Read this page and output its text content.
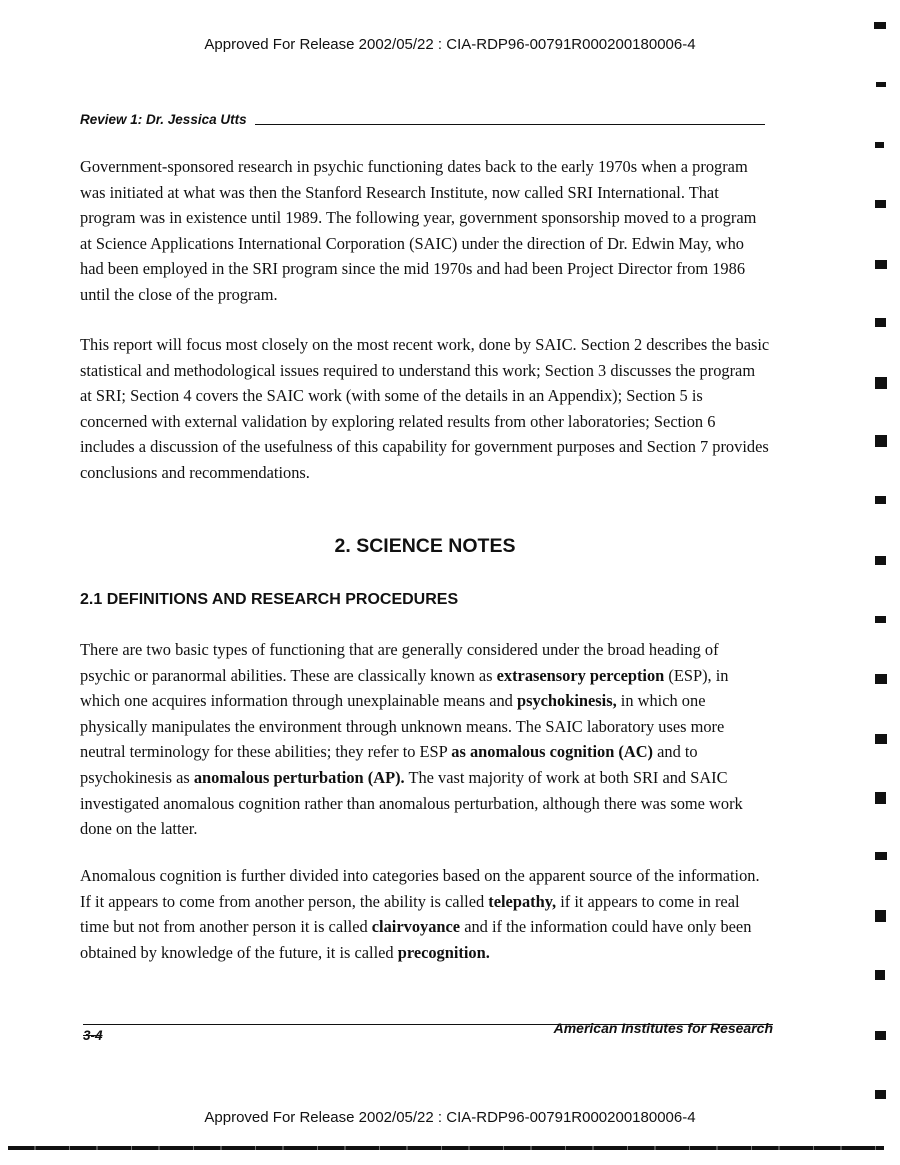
Approved For Release 2002/05/22 : CIA-RDP96-00791R000200180006-4
Review 1: Dr. Jessica Utts

Government-sponsored research in psychic functioning dates back to the early 1970s when a program was initiated at what was then the Stanford Research Institute, now called SRI International. That program was in existence until 1989. The following year, government sponsorship moved to a program at Science Applications International Corporation (SAIC) under the direction of Dr. Edwin May, who had been employed in the SRI program since the mid 1970s and had been Project Director from 1986 until the close of the program.

This report will focus most closely on the most recent work, done by SAIC. Section 2 describes the basic statistical and methodological issues required to understand this work; Section 3 discusses the program at SRI; Section 4 covers the SAIC work (with some of the details in an Appendix); Section 5 is concerned with external validation by exploring related results from other laboratories; Section 6 includes a discussion of the usefulness of this capability for government purposes and Section 7 provides conclusions and recommendations.

2. SCIENCE NOTES
2.1 DEFINITIONS AND RESEARCH PROCEDURES

There are two basic types of functioning that are generally considered under the broad heading of psychic or paranormal abilities. These are classically known as extrasensory perception (ESP), in which one acquires information through unexplainable means and psychokinesis, in which one physically manipulates the environment through unknown means. The SAIC laboratory uses more neutral terminology for these abilities; they refer to ESP as anomalous cognition (AC) and to psychokinesis as anomalous perturbation (AP). The vast majority of work at both SRI and SAIC investigated anomalous cognition rather than anomalous perturbation, although there was some work done on the latter.

Anomalous cognition is further divided into categories based on the apparent source of the information. If it appears to come from another person, the ability is called telepathy, if it appears to come in real time but not from another person it is called clairvoyance and if the information could have only been obtained by knowledge of the future, it is called precognition.

3-4	American Institutes for Research
Approved For Release 2002/05/22 : CIA-RDP96-00791R000200180006-4
